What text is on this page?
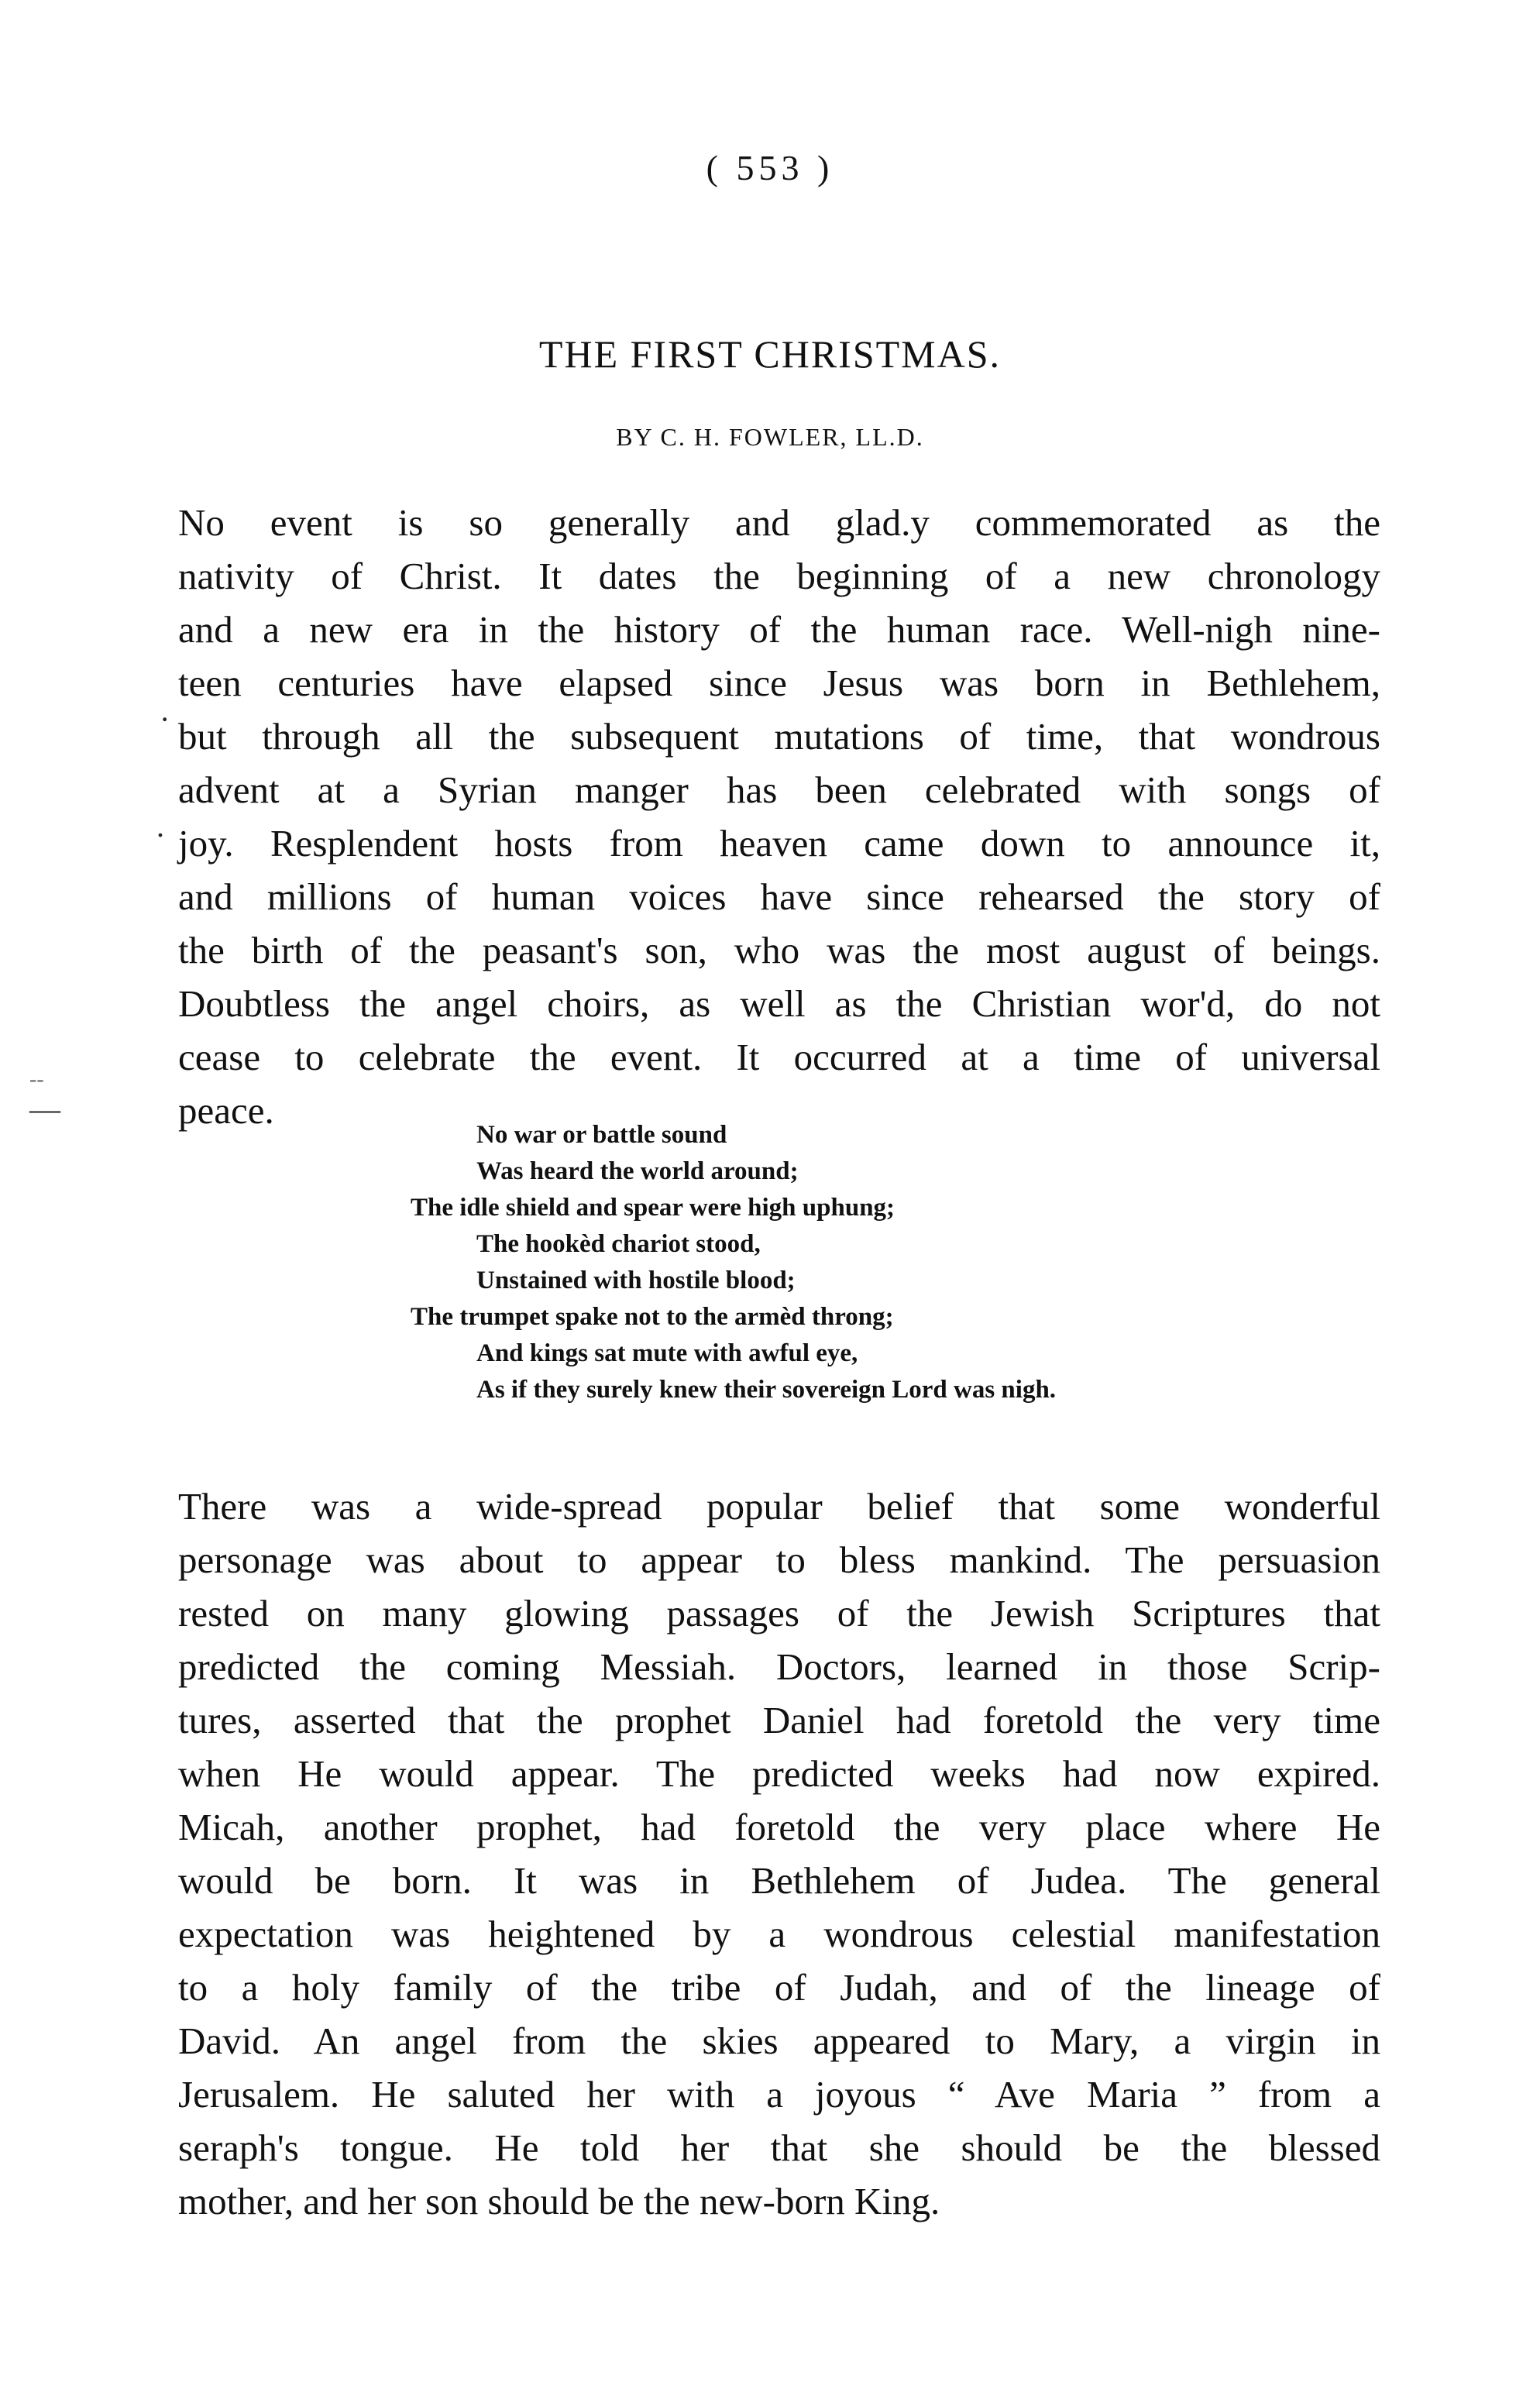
( 553 )
THE FIRST CHRISTMAS.
BY C. H. FOWLER, LL.D.
No event is so generally and glad.y commemorated as the
nativity of Christ. It dates the beginning of a new chronology
and a new era in the history of the human race. Well-nigh nine-
teen centuries have elapsed since Jesus was born in Bethlehem,
but through all the subsequent mutations of time, that wondrous
advent at a Syrian manger has been celebrated with songs of
joy. Resplendent hosts from heaven came down to announce it,
and millions of human voices have since rehearsed the story of
the birth of the peasant's son, who was the most august of beings.
Doubtless the angel choirs, as well as the Christian wor'd, do not
cease to celebrate the event. It occurred at a time of universal
peace.
No war or battle sound
Was heard the world around;
The idle shield and spear were high uphung;
The hookèd chariot stood,
Unstained with hostile blood;
The trumpet spake not to the armèd throng;
And kings sat mute with awful eye,
As if they surely knew their sovereign Lord was nigh.
There was a wide-spread popular belief that some wonderful
personage was about to appear to bless mankind. The persuasion
rested on many glowing passages of the Jewish Scriptures that
predicted the coming Messiah. Doctors, learned in those Scrip-
tures, asserted that the prophet Daniel had foretold the very time
when He would appear. The predicted weeks had now expired.
Micah, another prophet, had foretold the very place where He
would be born. It was in Bethlehem of Judea. The general
expectation was heightened by a wondrous celestial manifestation
to a holy family of the tribe of Judah, and of the lineage of
David. An angel from the skies appeared to Mary, a virgin in
Jerusalem. He saluted her with a joyous “ Ave Maria ” from a
seraph's tongue. He told her that she should be the blessed
mother, and her son should be the new-born King.
·
.
--
—
